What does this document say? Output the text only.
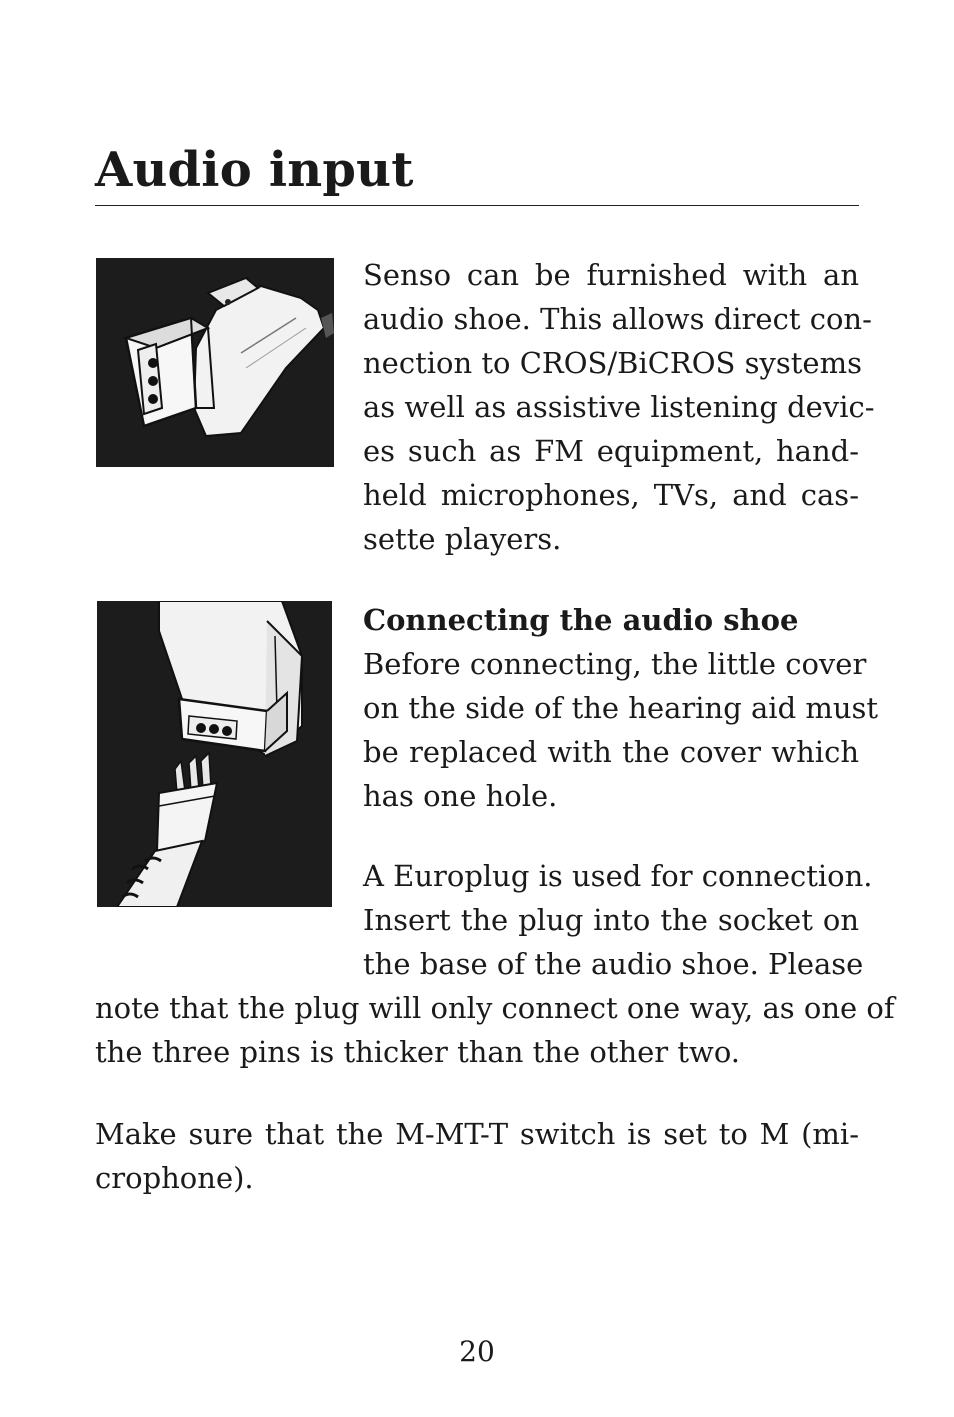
Audio input
Senso can be furnished with an
audio shoe. This allows direct con-
nection to CROS/BiCROS systems
as well as assistive listening devic-
es such as FM equipment, hand-
held microphones, TVs, and cas-
sette players.
Connecting the audio shoe
Before connecting, the little cover
on the side of the hearing aid must
be replaced with the cover which
has one hole.
A Europlug is used for connection.
Insert the plug into the socket on
the base of the audio shoe. Please
note that the plug will only connect one way, as one of
the three pins is thicker than the other two.
Make sure that the M-MT-T switch is set to M (mi-
crophone).
20
